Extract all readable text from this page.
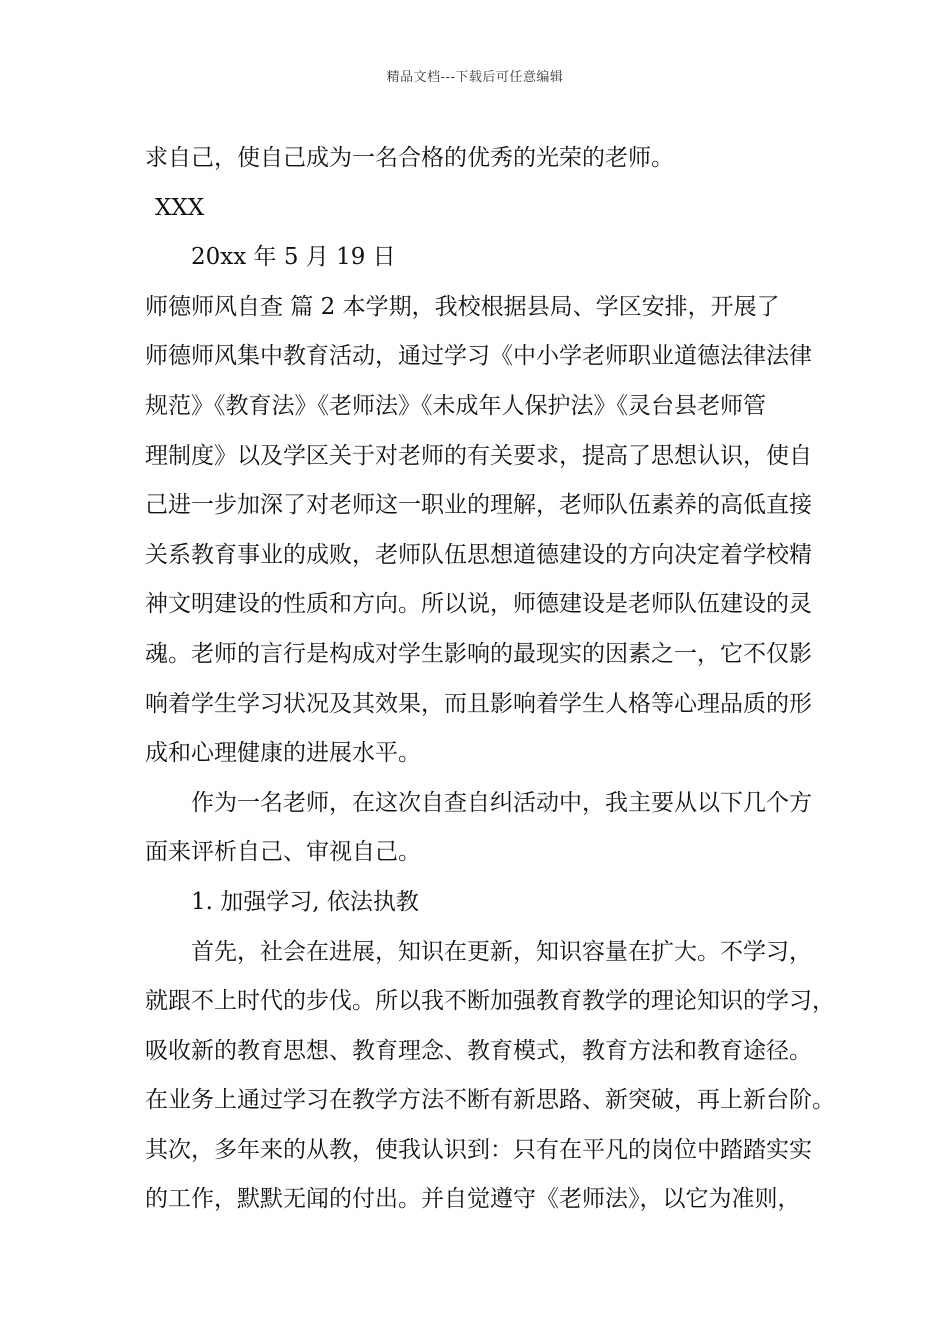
精品文档---下载后可任意编辑
求自己，使自己成为一名合格的优秀的光荣的老师。
XXX
20xx 年 5 月 19 日
师德师风自查 篇 2 本学期，我校根据县局、学区安排，开展了
师德师风集中教育活动，通过学习《中小学老师职业道德法律法律
规范》《教育法》《老师法》《未成年人保护法》《灵台县老师管
理制度》以及学区关于对老师的有关要求，提高了思想认识，使自
己进一步加深了对老师这一职业的理解，老师队伍素养的高低直接
关系教育事业的成败，老师队伍思想道德建设的方向决定着学校精
神文明建设的性质和方向。所以说，师德建设是老师队伍建设的灵
魂。老师的言行是构成对学生影响的最现实的因素之一，它不仅影
响着学生学习状况及其效果，而且影响着学生人格等心理品质的形
成和心理健康的进展水平。
作为一名老师，在这次自查自纠活动中，我主要从以下几个方
面来评析自己、审视自己。
1. 加强学习, 依法执教
首先，社会在进展，知识在更新，知识容量在扩大。不学习，
就跟不上时代的步伐。所以我不断加强教育教学的理论知识的学习，
吸收新的教育思想、教育理念、教育模式，教育方法和教育途径。
在业务上通过学习在教学方法不断有新思路、新突破，再上新台阶。
其次，多年来的从教，使我认识到：只有在平凡的岗位中踏踏实实
的工作，默默无闻的付出。并自觉遵守《老师法》，以它为准则，
